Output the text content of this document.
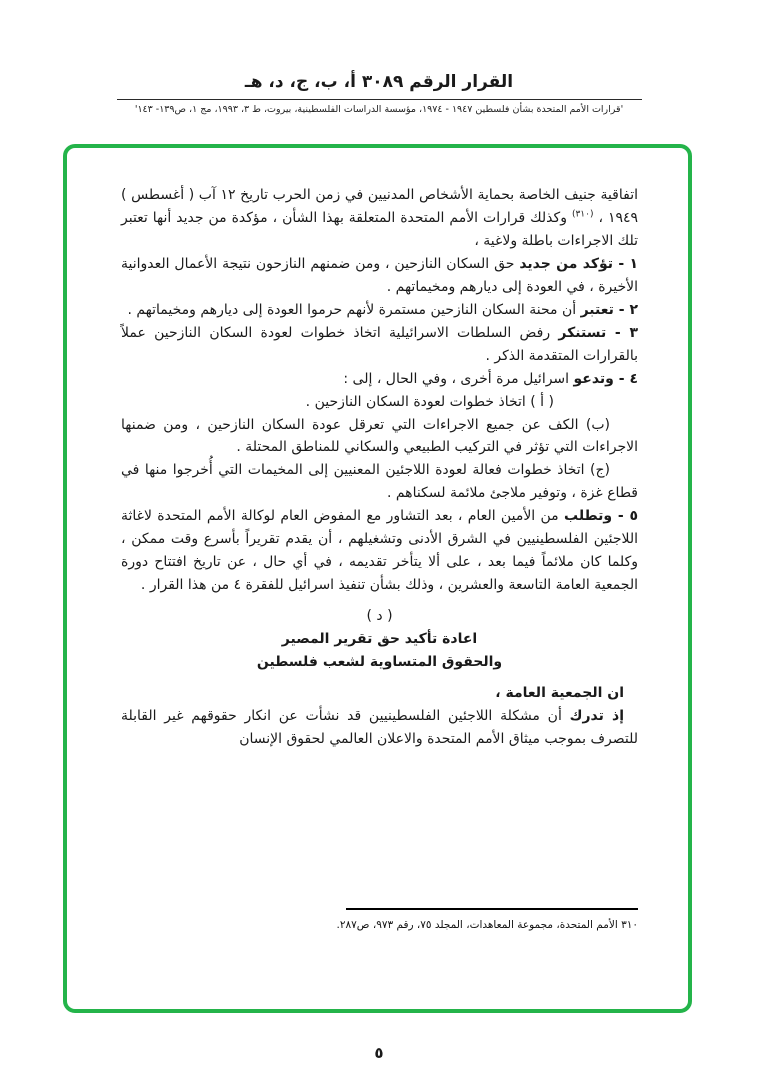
القرار الرقم ٣٠٨٩ أ، ب، ج، د، هـ
'قرارات الأمم المتحدة بشأن فلسطين ١٩٤٧ - ١٩٧٤، مؤسسة الدراسات الفلسطينية، بيروت، ط ٣، ١٩٩٣، مج ١، ص١٣٩- ١٤٣'

اتفاقية جنيف الخاصة بحماية الأشخاص المدنيين في زمن الحرب تاريخ ١٢ آب ( أغسطس ) ١٩٤٩ ، $^{(٣١٠)}$ وكذلك قرارات الأمم المتحدة المتعلقة بهذا الشأن ، مؤكدة من جديد أنها تعتبر تلك الاجراءات باطلة ولاغية ،

١ - تؤكد من جديد حق السكان النازحين ، ومن ضمنهم النازحون نتيجة الأعمال العدوانية الأخيرة ، في العودة إلى ديارهم ومخيماتهم .

٢ - تعتبر أن محنة السكان النازحين مستمرة لأنهم حرموا العودة إلى ديارهم ومخيماتهم .

٣ - تستنكر رفض السلطات الاسرائيلية اتخاذ خطوات لعودة السكان النازحين عملاً بالقرارات المتقدمة الذكر .

٤ - وتدعو اسرائيل مرة أخرى ، وفي الحال ، إلى :

( أ ) اتخاذ خطوات لعودة السكان النازحين .

(ب) الكف عن جميع الاجراءات التي تعرقل عودة السكان النازحين ، ومن ضمنها الاجراءات التي تؤثر في التركيب الطبيعي والسكاني للمناطق المحتلة .

(ج) اتخاذ خطوات فعالة لعودة اللاجئين المعنيين إلى المخيمات التي أُخرجوا منها في قطاع غزة ، وتوفير ملاجئ ملائمة لسكناهم .

٥ - وتطلب من الأمين العام ، بعد التشاور مع المفوض العام لوكالة الأمم المتحدة لاغاثة اللاجئين الفلسطينيين في الشرق الأدنى وتشغيلهم ، أن يقدم تقريراً بأسرع وقت ممكن ، وكلما كان ملائماً فيما بعد ، على ألا يتأخر تقديمه ، في أي حال ، عن تاريخ افتتاح دورة الجمعية العامة التاسعة والعشرين ، وذلك بشأن تنفيذ اسرائيل للفقرة ٤ من هذا القرار .

( د )

اعادة تأكيد حق تقرير المصير

والحقوق المتساوية لشعب فلسطين

ان الجمعية العامة ،

إذ تدرك أن مشكلة اللاجئين الفلسطينيين قد نشأت عن انكار حقوقهم غير القابلة للتصرف بموجب ميثاق الأمم المتحدة والاعلان العالمي لحقوق الإنسان

٣١٠ الأمم المتحدة، مجموعة المعاهدات، المجلد ٧٥، رقم ٩٧٣، ص٢٨٧.
٥
